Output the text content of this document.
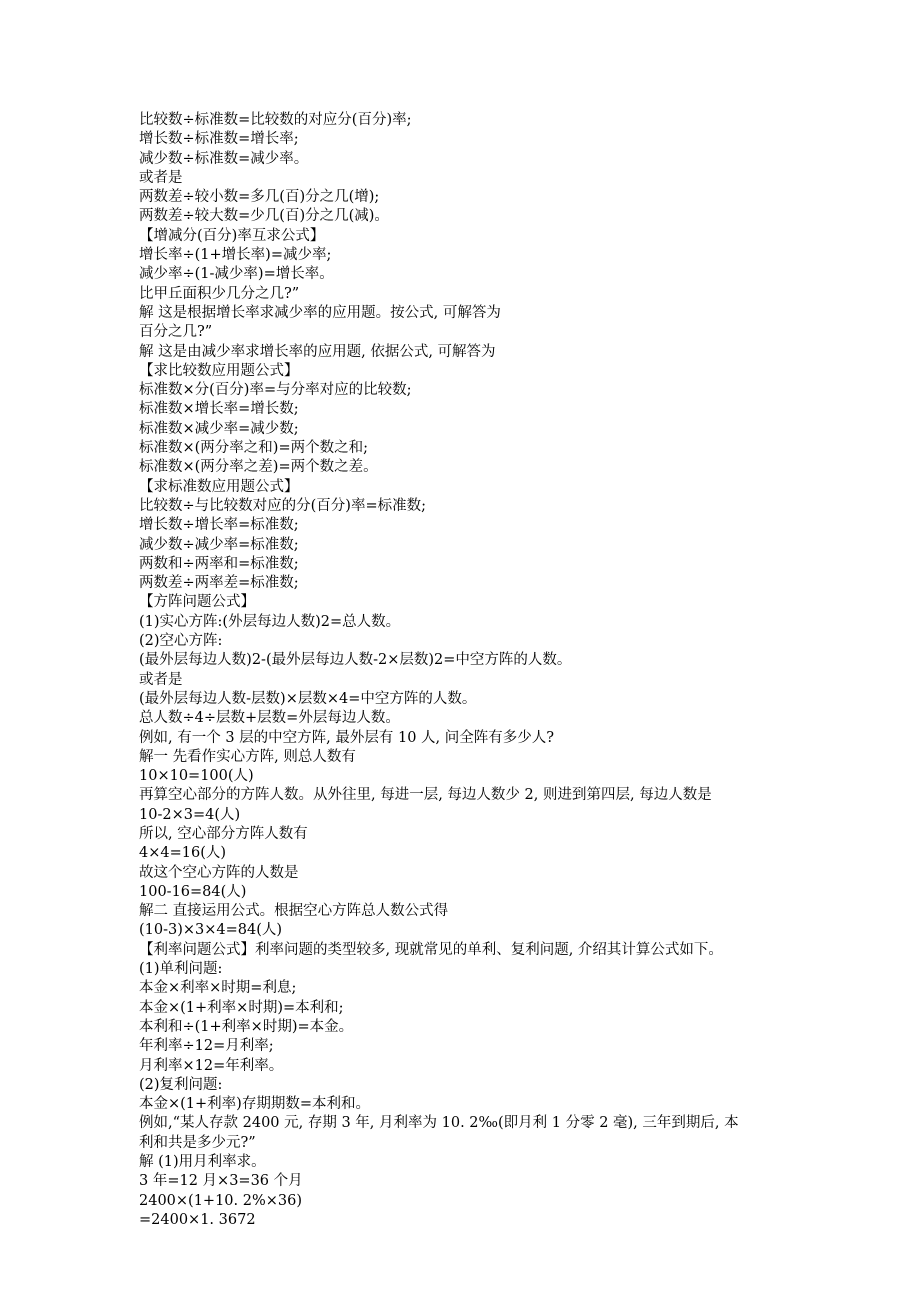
比较数÷标准数=比较数的对应分(百分)率;
增长数÷标准数=增长率;
减少数÷标准数=减少率。
或者是
两数差÷较小数=多几(百)分之几(增);
两数差÷较大数=少几(百)分之几(减)。
【增减分(百分)率互求公式】
增长率÷(1+增长率)=减少率;
减少率÷(1-减少率)=增长率。
比甲丘面积少几分之几?”
解 这是根据增长率求减少率的应用题。按公式, 可解答为
百分之几?”
解 这是由减少率求增长率的应用题, 依据公式, 可解答为
【求比较数应用题公式】
标准数×分(百分)率=与分率对应的比较数;
标准数×增长率=增长数;
标准数×减少率=减少数;
标准数×(两分率之和)=两个数之和;
标准数×(两分率之差)=两个数之差。
【求标准数应用题公式】
比较数÷与比较数对应的分(百分)率=标准数;
增长数÷增长率=标准数;
减少数÷减少率=标准数;
两数和÷两率和=标准数;
两数差÷两率差=标准数;
【方阵问题公式】
(1)实心方阵:(外层每边人数)2=总人数。
(2)空心方阵:
(最外层每边人数)2-(最外层每边人数-2×层数)2=中空方阵的人数。
或者是
(最外层每边人数-层数)×层数×4=中空方阵的人数。
总人数÷4÷层数+层数=外层每边人数。
例如, 有一个 3 层的中空方阵, 最外层有 10 人, 问全阵有多少人?
解一 先看作实心方阵, 则总人数有
10×10=100(人)
再算空心部分的方阵人数。从外往里, 每进一层, 每边人数少 2, 则进到第四层, 每边人数是
10-2×3=4(人)
所以, 空心部分方阵人数有
4×4=16(人)
故这个空心方阵的人数是
100-16=84(人)
解二 直接运用公式。根据空心方阵总人数公式得
(10-3)×3×4=84(人)
【利率问题公式】利率问题的类型较多, 现就常见的单利、复利问题, 介绍其计算公式如下。
(1)单利问题:
本金×利率×时期=利息;
本金×(1+利率×时期)=本利和;
本利和÷(1+利率×时期)=本金。
年利率÷12=月利率;
月利率×12=年利率。
(2)复利问题:
本金×(1+利率)存期期数=本利和。
例如,“某人存款 2400 元, 存期 3 年, 月利率为 10. 2‰(即月利 1 分零 2 毫), 三年到期后, 本
利和共是多少元?”
解 (1)用月利率求。
3 年=12 月×3=36 个月
2400×(1+10. 2%×36)
=2400×1. 3672
